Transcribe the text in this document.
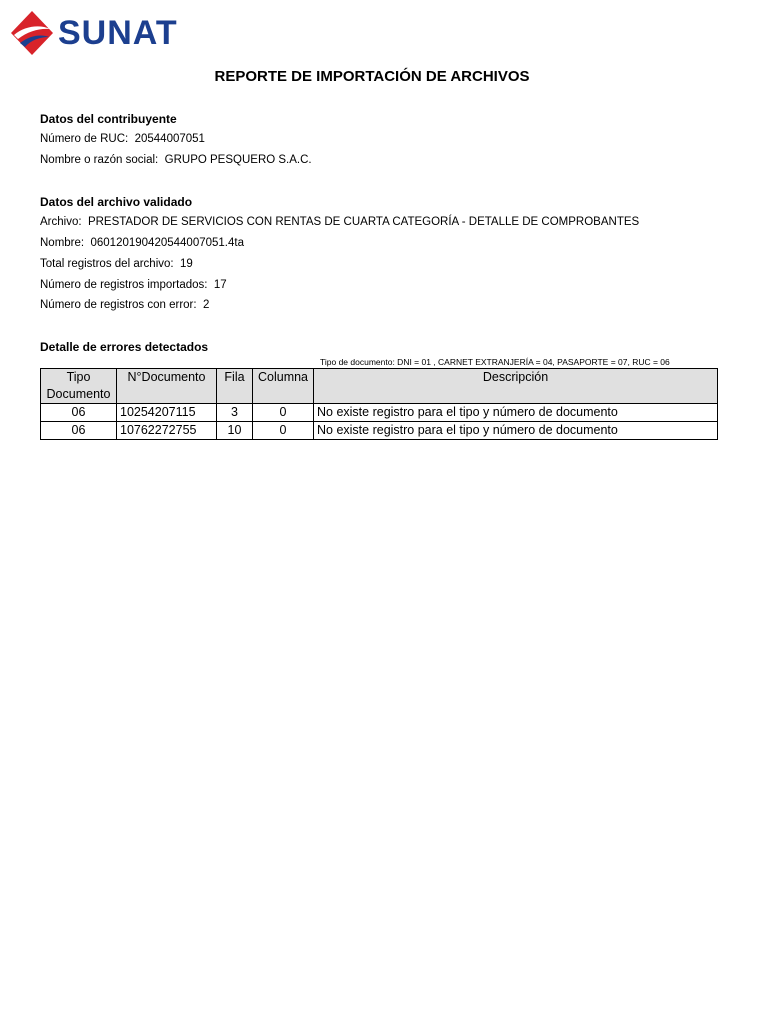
SUNAT
REPORTE DE IMPORTACIÓN DE ARCHIVOS
Datos del contribuyente
Número de RUC: 20544007051
Nombre o razón social: GRUPO PESQUERO S.A.C.
Datos del archivo validado
Archivo: PRESTADOR DE SERVICIOS CON RENTAS DE CUARTA CATEGORÍA - DETALLE DE COMPROBANTES
Nombre: 060120190420544007051.4ta
Total registros del archivo: 19
Número de registros importados: 17
Número de registros con error: 2
Detalle de errores detectados
Tipo de documento: DNI = 01 , CARNET EXTRANJERÍA = 04, PASAPORTE = 07, RUC = 06
Tipo
Documento	N°Documento	Fila	Columna	Descripción
06	10254207115	3	0	No existe registro para el tipo y número de documento
06	10762272755	10	0	No existe registro para el tipo y número de documento
